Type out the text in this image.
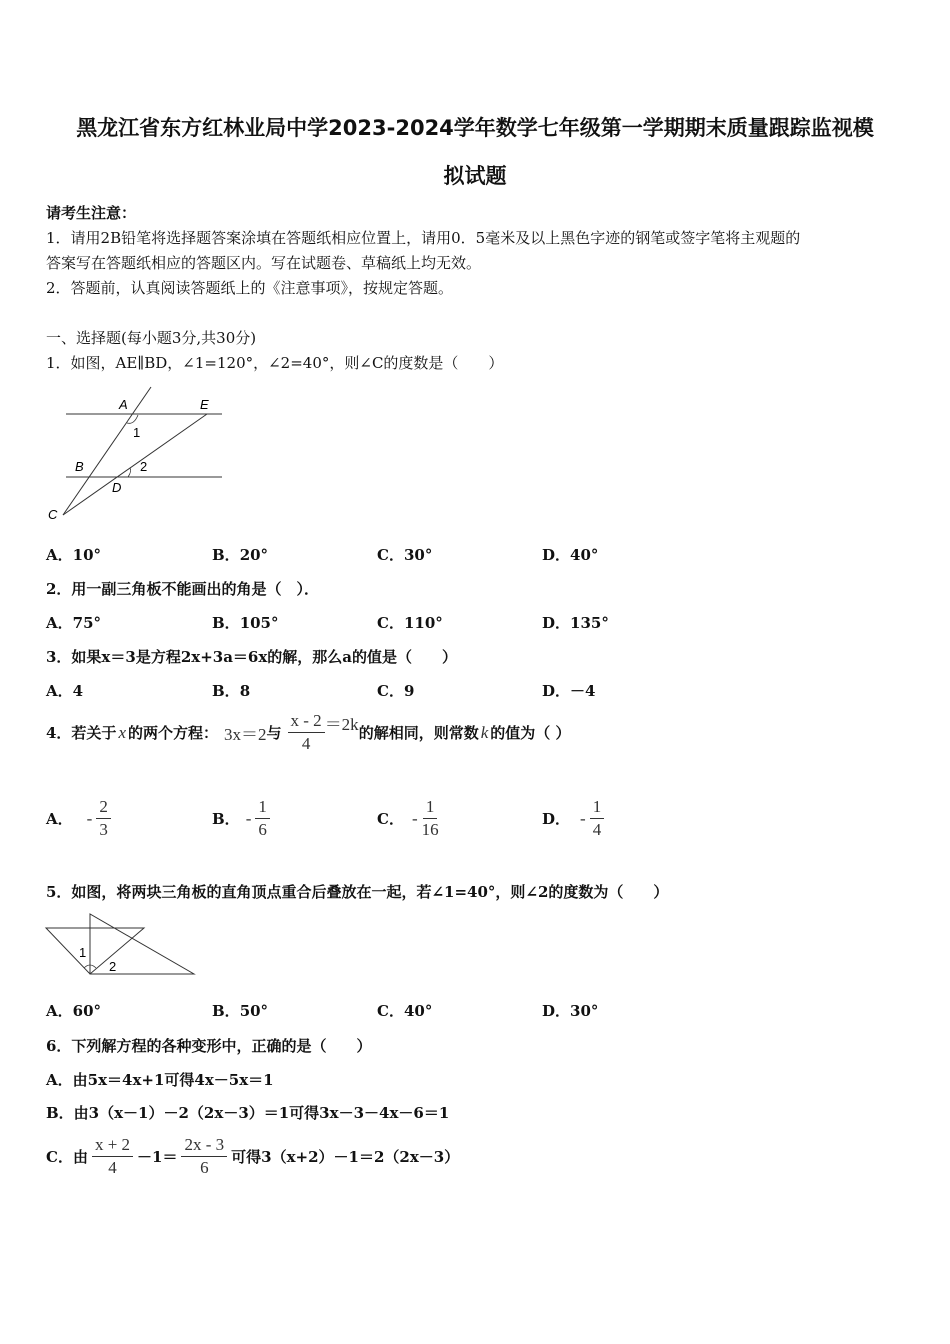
黑龙江省东方红林业局中学2023-2024学年数学七年级第一学期期末质量跟踪监视模
拟试题
请考生注意：
1．请用2B铅笔将选择题答案涂填在答题纸相应位置上，请用0．5毫米及以上黑色字迹的钢笔或签字笔将主观题的
答案写在答题纸相应的答题区内。写在试题卷、草稿纸上均无效。
2．答题前，认真阅读答题纸上的《注意事项》，按规定答题。
一、选择题(每小题3分,共30分)
1．如图，AE∥BD，∠1=120°，∠2=40°，则∠C的度数是（　　）
A	E
1
B	2
D
C
A．10°	B．20°	C．30°	D．40°
2．用一副三角板不能画出的角是（　）．
A．75°	B．105°	C．110°	D．135°
3．如果x＝3是方程2x+3a＝6x的解，那么a的值是（　　）
A．4	B．8	C．9	D．－4
4．若关于 x 的两个方程： 3x＝2 与 $\frac{x - 2}{4} =2k$ 的解相同，则常数 k 的值为（ ）
A． - $\frac{2}{3}$	B． - $\frac{1}{6}$	C． - $\frac{1}{16}$	D． - $\frac{1}{4}$
5．如图，将两块三角板的直角顶点重合后叠放在一起，若∠1=40°，则∠2的度数为（　　）
1
2
A．60°	B．50°	C．40°	D．30°
6．下列解方程的各种变形中，正确的是（　　）
A．由5x＝4x+1可得4x－5x＝1
B．由3（x－1）－2（2x－3）＝1可得3x－3－4x－6＝1
C．由 $\frac{x + 2}{4} -1= \frac{2x - 3}{6}$ 可得3（x+2）－1＝2（2x－3）
